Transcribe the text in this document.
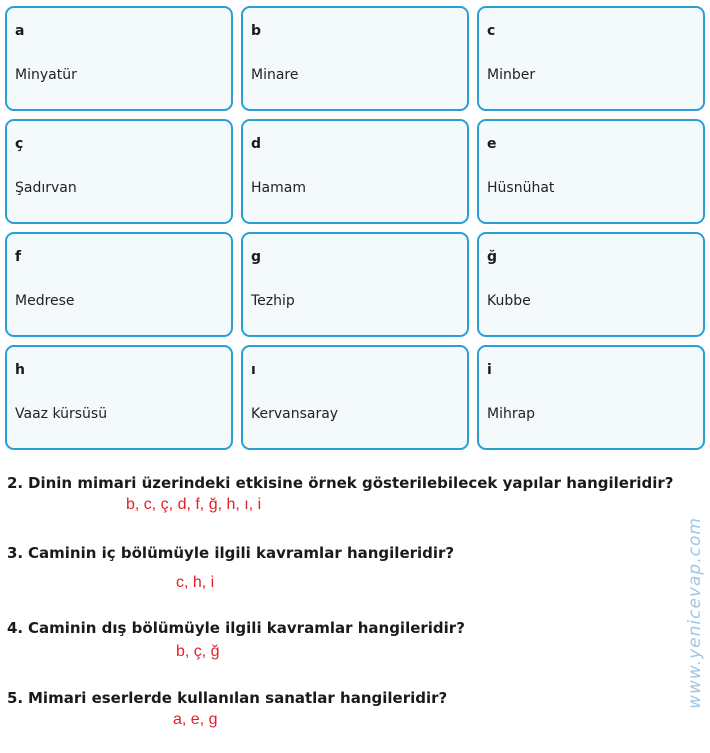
a
Minyatür
b
Minare
c
Minber
ç
Şadırvan
d
Hamam
e
Hüsnühat
f
Medrese
g
Tezhip
ğ
Kubbe
h
Vaaz kürsüsü
ı
Kervansaray
i
Mihrap
2. Dinin mimari üzerindeki etkisine örnek gösterilebilecek yapılar hangileridir?
b, c, ç, d, f, ğ, h, ı, i
3. Caminin iç bölümüyle ilgili kavramlar hangileridir?
c, h, i
4. Caminin dış bölümüyle ilgili kavramlar hangileridir?
b, ç, ğ
5. Mimari eserlerde kullanılan sanatlar hangileridir?
a, e, g
www.yenicevap.com
